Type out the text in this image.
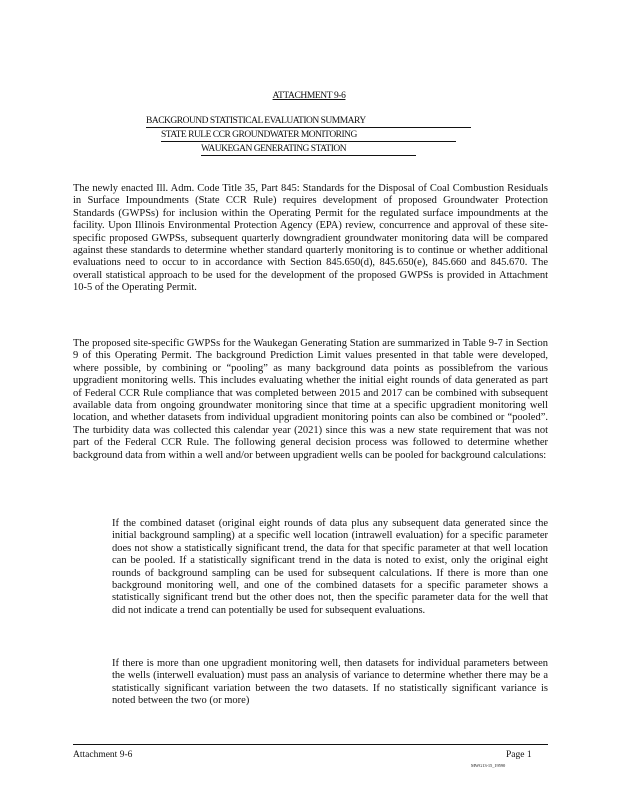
ATTACHMENT 9-6
BACKGROUND STATISTICAL EVALUATION SUMMARY
STATE RULE CCR GROUNDWATER MONITORING
WAUKEGAN GENERATING STATION

The newly enacted Ill. Adm. Code Title 35, Part 845: Standards for the Disposal of Coal Combustion Residuals in Surface Impoundments (State CCR Rule) requires development of proposed Groundwater Protection Standards (GWPSs) for inclusion within the Operating Permit for the regulated surface impoundments at the facility. Upon Illinois Environmental Protection Agency (EPA) review, concurrence and approval of these site-specific proposed GWPSs, subsequent quarterly downgradient groundwater monitoring data will be compared against these standards to determine whether standard quarterly monitoring is to continue or whether additional evaluations need to occur to in accordance with Section 845.650(d), 845.650(e), 845.660 and 845.670. The overall statistical approach to be used for the development of the proposed GWPSs is provided in Attachment 10-5 of the Operating Permit.

The proposed site-specific GWPSs for the Waukegan Generating Station are summarized in Table 9-7 in Section 9 of this Operating Permit. The background Prediction Limit values presented in that table were developed, where possible, by combining or “pooling” as many background data points as possiblefrom the various upgradient monitoring wells. This includes evaluating whether the initial eight rounds of data generated as part of Federal CCR Rule compliance that was completed between 2015 and 2017 can be combined with subsequent available data from ongoing groundwater monitoring since that time at a specific upgradient monitoring well location, and whether datasets from individual upgradient monitoring points can also be combined or “pooled”. The turbidity data was collected this calendar year (2021) since this was a new state requirement that was not part of the Federal CCR Rule. The following general decision process was followed to determine whether background data from within a well and/or between upgradient wells can be pooled for background calculations:

If the combined dataset (original eight rounds of data plus any subsequent data generated since the initial background sampling) at a specific well location (intrawell evaluation) for a specific parameter does not show a statistically significant trend, the data for that specific parameter at that well location can be pooled. If a statistically significant trend in the data is noted to exist, only the original eight rounds of background sampling can be used for subsequent calculations. If there is more than one background monitoring well, and one of the combined datasets for a specific parameter shows a statistically significant trend but the other does not, then the specific parameter data for the well that did not indicate a trend can potentially be used for subsequent evaluations.

If there is more than one upgradient monitoring well, then datasets for individual parameters between the wells (interwell evaluation) must pass an analysis of variance to determine whether there may be a statistically significant variation between the two datasets. If no statistically significant variance is noted between the two (or more)

Attachment 9-6	Page 1
MWG13-15_19590
